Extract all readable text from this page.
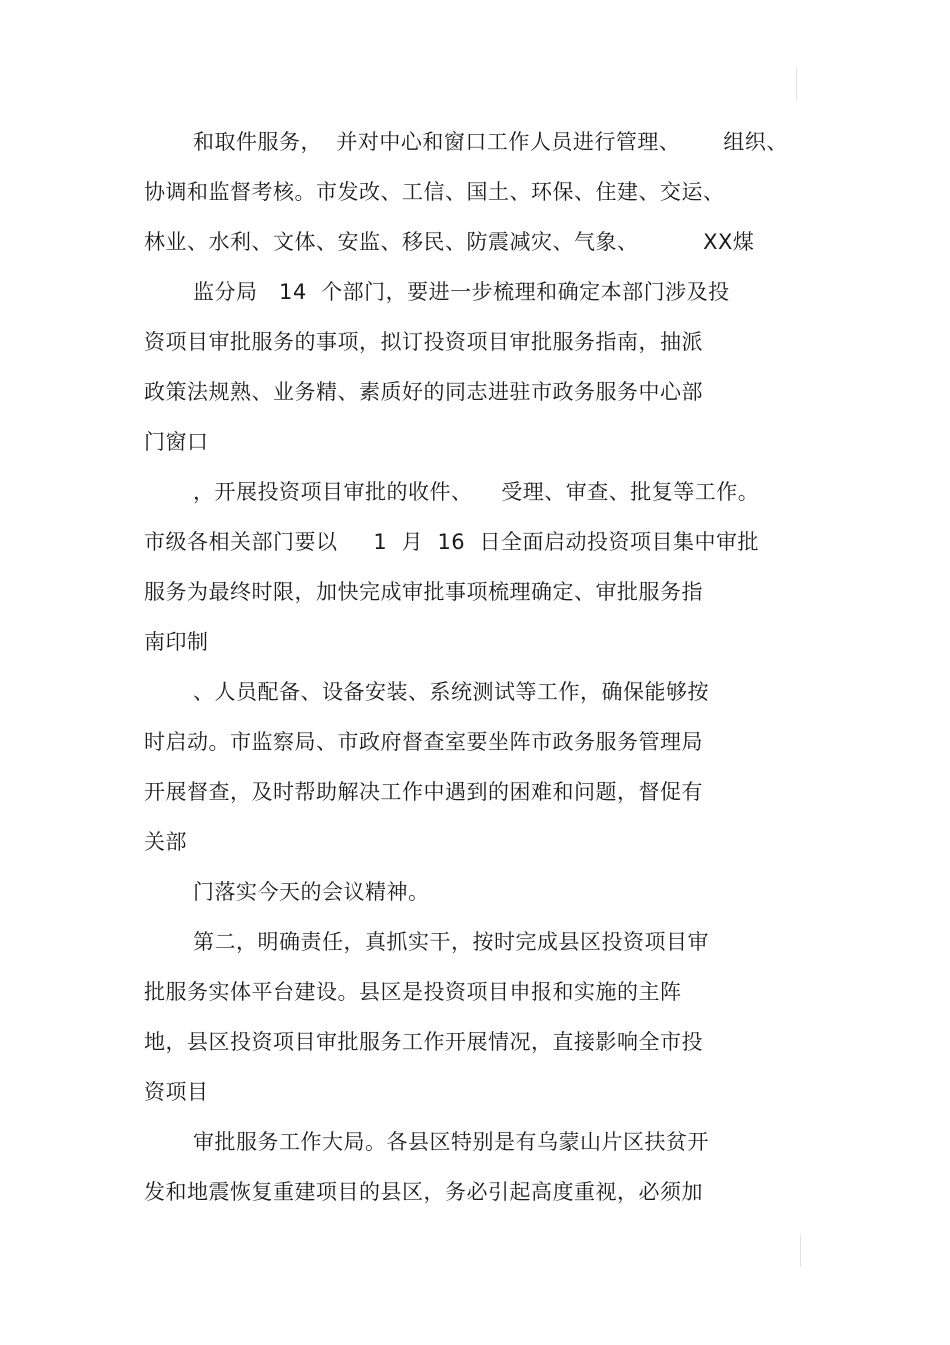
和取件服务，  并对中心和窗口工作人员进行管理、      组织、
协调和监督考核。市发改、工信、国土、环保、住建、交运、
林业、水利、文体、安监、移民、防震减灾、气象、         XX煤
监分局   14  个部门，要进一步梳理和确定本部门涉及投
资项目审批服务的事项，拟订投资项目审批服务指南，抽派
政策法规熟、业务精、素质好的同志进驻市政务服务中心部
门窗口
，开展投资项目审批的收件、    受理、审查、批复等工作。
市级各相关部门要以     1  月  16  日全面启动投资项目集中审批
服务为最终时限，加快完成审批事项梳理确定、审批服务指
南印制
、人员配备、设备安装、系统测试等工作，确保能够按
时启动。市监察局、市政府督查室要坐阵市政务服务管理局
开展督查，及时帮助解决工作中遇到的困难和问题，督促有
关部
门落实今天的会议精神。
第二，明确责任，真抓实干，按时完成县区投资项目审
批服务实体平台建设。县区是投资项目申报和实施的主阵
地，县区投资项目审批服务工作开展情况，直接影响全市投
资项目
审批服务工作大局。各县区特别是有乌蒙山片区扶贫开
发和地震恢复重建项目的县区，务必引起高度重视，必须加
